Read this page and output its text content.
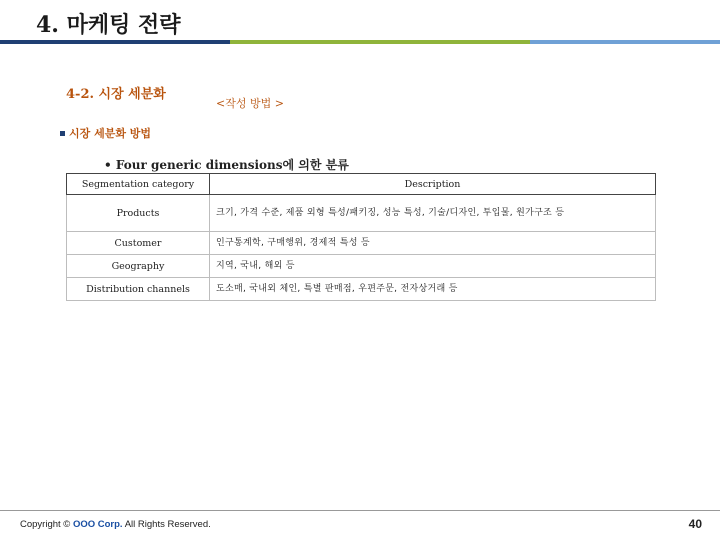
4. 마케팅 전략
4-2. 시장 세분화
<작성 방법 >
시장 세분화 방법
• Four generic dimensions에 의한 분류
Segmentation category	Description
Products	크기, 가격 수준, 제품 외형 특성/패키징, 성능 특성, 기술/디자인, 투입물, 원가구조 등
Customer	인구통계학, 구매행위, 경제적 특성 등
Geography	지역, 국내, 해외 등
Distribution channels	도소매, 국내외 체인, 특별 판매점, 우편주문, 전자상거래 등
Copyright © OOO Corp. All Rights Reserved.	40
